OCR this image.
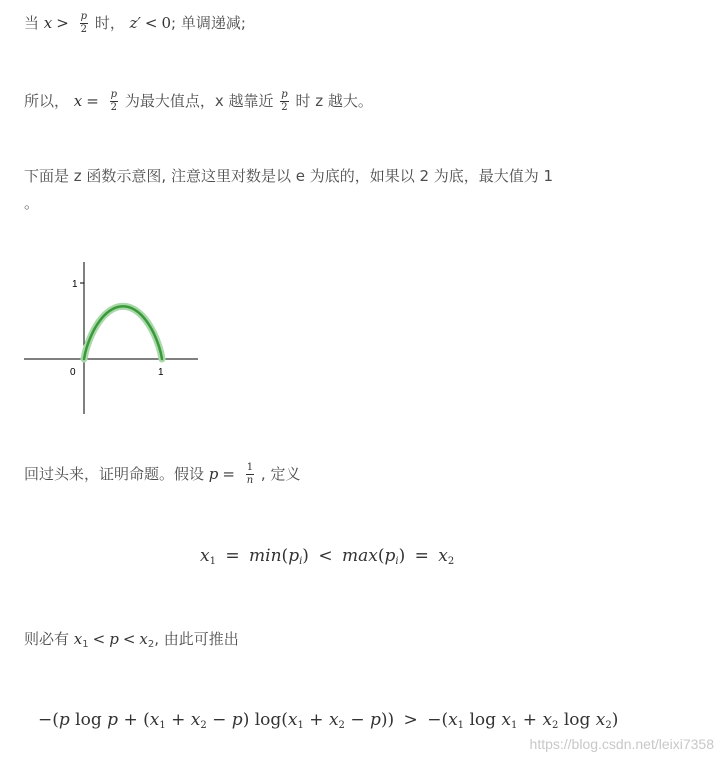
当 $x > \frac{p}{2}$ 时， z′ < 0; 单调递减;
所以， $x = \frac{p}{2}$ 为最大值点，x 越靠近 $\frac{p}{2}$ 时 z 越大。
下面是 z 函数示意图, 注意这里对数是以 e 为底的，如果以 2 为底，最大值为 1
。
1
0	1
回过头来，证明命题。假设 $p = \frac{1}{n}$ , 定义
$x_1 = \min(p_i) < \max(p_i) = x_2$
则必有 $x_1 < p < x_2$, 由此可推出
−(p $\log p + (x_1 + x_2 - p) \log(x_1 + x_2 - p)) > -(x_1$ $\log x_1 + x_2$ $\log x_2$)
https://blog.csdn.net/leixi7358
